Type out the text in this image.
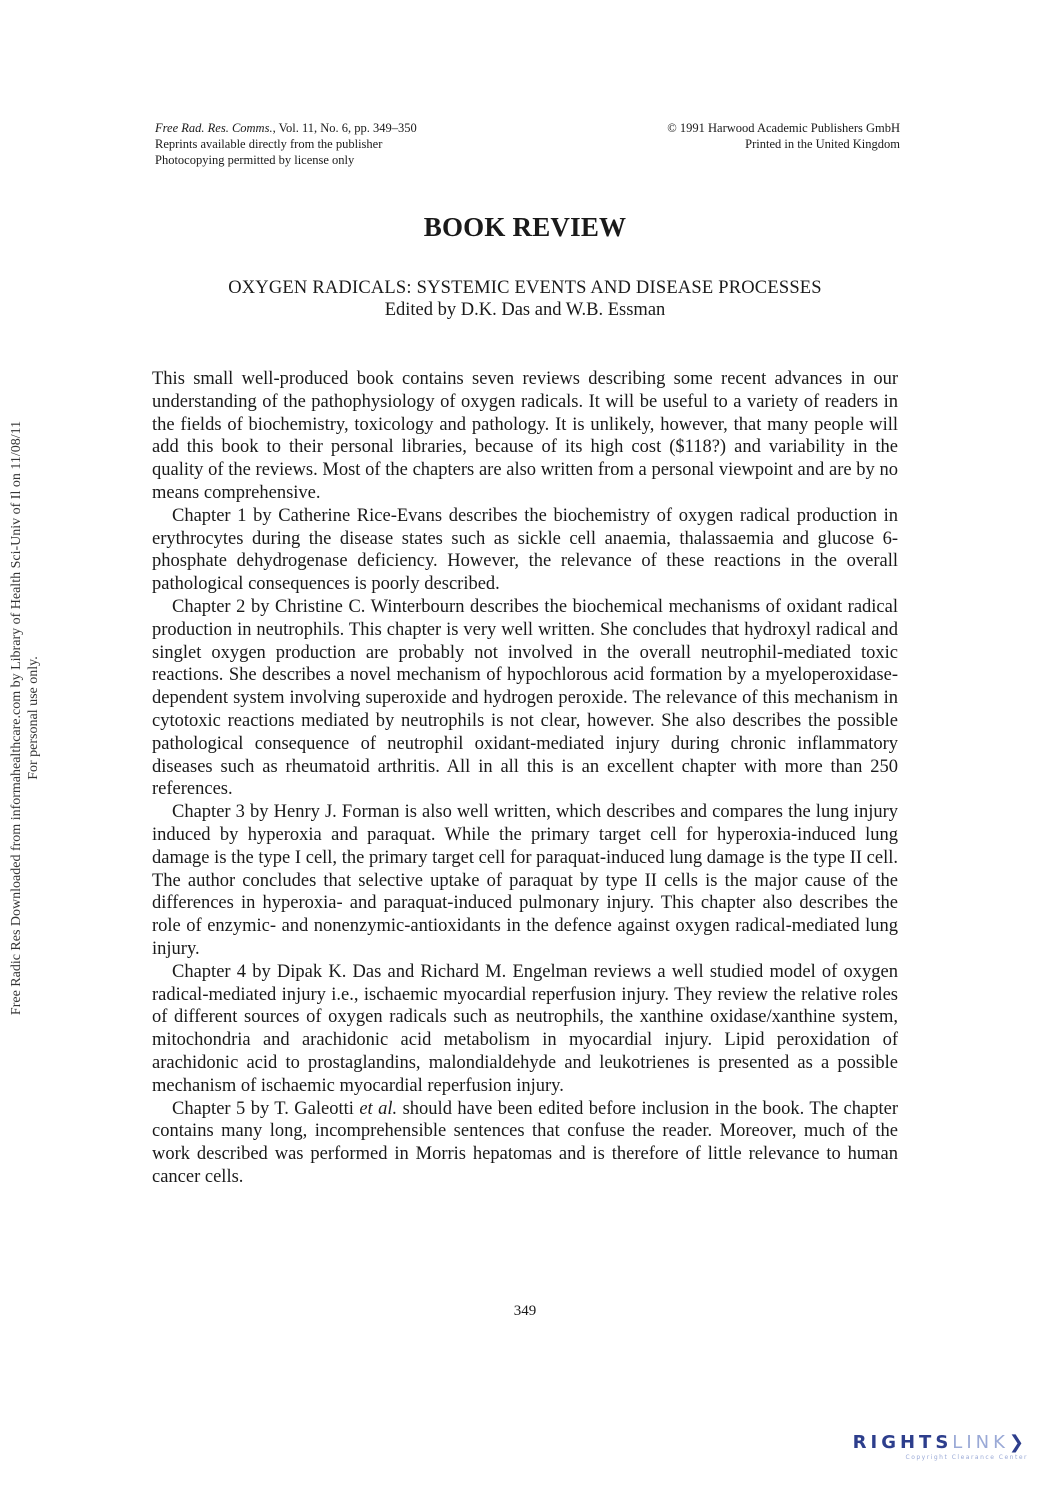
Free Rad. Res. Comms., Vol. 11, No. 6, pp. 349–350
Reprints available directly from the publisher
Photocopying permitted by license only
© 1991 Harwood Academic Publishers GmbH
Printed in the United Kingdom
BOOK REVIEW
OXYGEN RADICALS: SYSTEMIC EVENTS AND DISEASE PROCESSES
Edited by D.K. Das and W.B. Essman

This small well-produced book contains seven reviews describing some recent advances in our understanding of the pathophysiology of oxygen radicals. It will be useful to a variety of readers in the fields of biochemistry, toxicology and pathology. It is unlikely, however, that many people will add this book to their personal libraries, because of its high cost ($118?) and variability in the quality of the reviews. Most of the chapters are also written from a personal viewpoint and are by no means comprehensive.

Chapter 1 by Catherine Rice-Evans describes the biochemistry of oxygen radical production in erythrocytes during the disease states such as sickle cell anaemia, thalassaemia and glucose 6-phosphate dehydrogenase deficiency. However, the relevance of these reactions in the overall pathological consequences is poorly described.

Chapter 2 by Christine C. Winterbourn describes the biochemical mechanisms of oxidant radical production in neutrophils. This chapter is very well written. She concludes that hydroxyl radical and singlet oxygen production are probably not involved in the overall neutrophil-mediated toxic reactions. She describes a novel mechanism of hypochlorous acid formation by a myeloperoxidase-dependent system involving superoxide and hydrogen peroxide. The relevance of this mechanism in cytotoxic reactions mediated by neutrophils is not clear, however. She also describes the possible pathological consequence of neutrophil oxidant-mediated injury during chronic inflammatory diseases such as rheumatoid arthritis. All in all this is an excellent chapter with more than 250 references.

Chapter 3 by Henry J. Forman is also well written, which describes and compares the lung injury induced by hyperoxia and paraquat. While the primary target cell for hyperoxia-induced lung damage is the type I cell, the primary target cell for paraquat-induced lung damage is the type II cell. The author concludes that selective uptake of paraquat by type II cells is the major cause of the differences in hyperoxia- and paraquat-induced pulmonary injury. This chapter also describes the role of enzymic- and nonenzymic-antioxidants in the defence against oxygen radical-mediated lung injury.

Chapter 4 by Dipak K. Das and Richard M. Engelman reviews a well studied model of oxygen radical-mediated injury i.e., ischaemic myocardial reperfusion injury. They review the relative roles of different sources of oxygen radicals such as neutrophils, the xanthine oxidase/xanthine system, mitochondria and arachidonic acid metabolism in myocardial injury. Lipid peroxidation of arachidonic acid to prostaglandins, malondialdehyde and leukotrienes is presented as a possible mechanism of ischaemic myocardial reperfusion injury.

Chapter 5 by T. Galeotti et al. should have been edited before inclusion in the book. The chapter contains many long, incomprehensible sentences that confuse the reader. Moreover, much of the work described was performed in Morris hepatomas and is therefore of little relevance to human cancer cells.

349
Free Radic Res Downloaded from informahealthcare.com by Library of Health Sci-Univ of Il on 11/08/11 For personal use only.
RIGHTSLINK❯
Copyright Clearance Center
